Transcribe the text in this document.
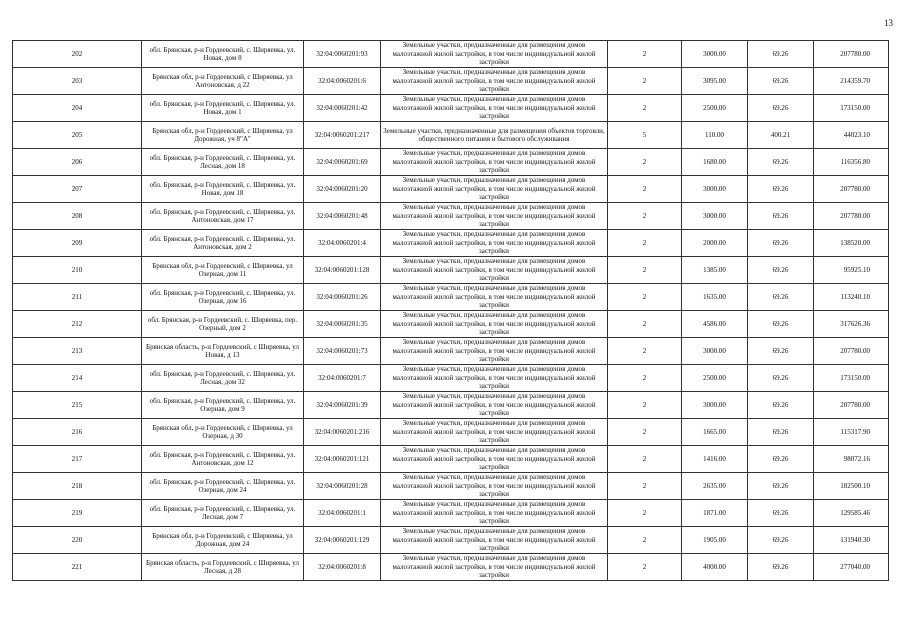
13
202	обл. Брянская, р-н Гордеевский, с. Ширяевка, ул. Новая, дом 8	32:04:0060201:93	Земельные участки, предназначенные для размещения домов малоэтажной жилой застройки, в том числе индивидуальной жилой застройки	2	3000.00	69.26	207780.00
203	Брянская обл, р-н Гордеевский, с Ширяевка, ул Антоновская, д 22	32:04:0060201:6	Земельные участки, предназначенные для размещения домов малоэтажной жилой застройки, в том числе индивидуальной жилой застройки	2	3095.00	69.26	214359.70
204	обл. Брянская, р-н Гордеевский, с. Ширяевка, ул. Новая, дом 1	32:04:0060201:42	Земельные участки, предназначенные для размещения домов малоэтажной жилой застройки, в том числе индивидуальной жилой застройки	2	2500.00	69.26	173150.00
205	Брянская обл, р-н Гордеевский, с Ширяевка, ул Дорожная, уч 8"А"	32:04:0060201:217	Земельные участки, предназначенные для размещения объектов торговли, общественного питания и бытового обслуживания	5	110.00	400.21	44023.10
206	обл. Брянская, р-н Гордеевский, с. Ширяевка, ул. Лесная, дом 18	32:04:0060201:69	Земельные участки, предназначенные для размещения домов малоэтажной жилой застройки, в том числе индивидуальной жилой застройки	2	1680.00	69.26	116356.80
207	обл. Брянская, р-н Гордеевский, с. Ширяевка, ул. Новая, дом 18	32:04:0060201:20	Земельные участки, предназначенные для размещения домов малоэтажной жилой застройки, в том числе индивидуальной жилой застройки	2	3000.00	69.26	207780.00
208	обл. Брянская, р-н Гордеевский, с. Ширяевка, ул. Антоновская, дом 17	32:04:0060201:48	Земельные участки, предназначенные для размещения домов малоэтажной жилой застройки, в том числе индивидуальной жилой застройки	2	3000.00	69.26	207780.00
209	обл. Брянская, р-н Гордеевский, с. Ширяевка, ул. Антоновская, дом 2	32:04:0060201:4	Земельные участки, предназначенные для размещения домов малоэтажной жилой застройки, в том числе индивидуальной жилой застройки	2	2000.00	69.26	138520.00
210	Брянская обл, р-н Гордеевский, с Ширяевка, ул Озерная, дом 11	32:04:0060201:128	Земельные участки, предназначенные для размещения домов малоэтажной жилой застройки, в том числе индивидуальной жилой застройки	2	1385.00	69.26	95925.10
211	обл. Брянская, р-н Гордеевский, с. Ширяевка, ул. Озерная, дом 16	32:04:0060201:26	Земельные участки, предназначенные для размещения домов малоэтажной жилой застройки, в том числе индивидуальной жилой застройки	2	1635.00	69.26	113240.10
212	обл. Брянская, р-н Гордеевский, с. Ширяевка, пер. Озерный, дом 2	32:04:0060201:35	Земельные участки, предназначенные для размещения домов малоэтажной жилой застройки, в том числе индивидуальной жилой застройки	2	4586.00	69.26	317626.36
213	Брянская область, р-н Гордеевский, с Ширяевка, ул Новая, д 13	32:04:0060201:73	Земельные участки, предназначенные для размещения домов малоэтажной жилой застройки, в том числе индивидуальной жилой застройки	2	3000.00	69.26	207780.00
214	обл. Брянская, р-н Гордеевский, с. Ширяевка, ул. Лесная, дом 32	32:04:0060201:7	Земельные участки, предназначенные для размещения домов малоэтажной жилой застройки, в том числе индивидуальной жилой застройки	2	2500.00	69.26	173150.00
215	обл. Брянская, р-н Гордеевский, с. Ширяевка, ул. Озерная, дом 9	32:04:0060201:39	Земельные участки, предназначенные для размещения домов малоэтажной жилой застройки, в том числе индивидуальной жилой застройки	2	3000.00	69.26	207780.00
216	Брянская обл, р-н Гордеевский, с Ширяевка, ул Озерная, д 30	32:04:0060201:216	Земельные участки, предназначенные для размещения домов малоэтажной жилой застройки, в том числе индивидуальной жилой застройки	2	1665.00	69.26	115317.90
217	обл. Брянская, р-н Гордеевский, с. Ширяевка, ул. Антоновская, дом 12	32:04:0060201:121	Земельные участки, предназначенные для размещения домов малоэтажной жилой застройки, в том числе индивидуальной жилой застройки	2	1416.00	69.26	98072.16
218	обл. Брянская, р-н Гордеевский, с. Ширяевка, ул. Озерная, дом 24	32:04:0060201:28	Земельные участки, предназначенные для размещения домов малоэтажной жилой застройки, в том числе индивидуальной жилой застройки	2	2635.00	69.26	182500.10
219	обл. Брянская, р-н Гордеевский, с. Ширяевка, ул. Лесная, дом 7	32:04:0060201:1	Земельные участки, предназначенные для размещения домов малоэтажной жилой застройки, в том числе индивидуальной жилой застройки	2	1871.00	69.26	129585.46
220	Брянская обл, р-н Гордеевский, с Ширяевка, ул Дорожная, дом 24	32:04:0060201:129	Земельные участки, предназначенные для размещения домов малоэтажной жилой застройки, в том числе индивидуальной жилой застройки	2	1905.00	69.26	131940.30
221	Брянская область, р-н Гордеевский, с Ширяевка, ул Лесная, д 28	32:04:0060201:8	Земельные участки, предназначенные для размещения домов малоэтажной жилой застройки, в том числе индивидуальной жилой застройки	2	4000.00	69.26	277040.00
